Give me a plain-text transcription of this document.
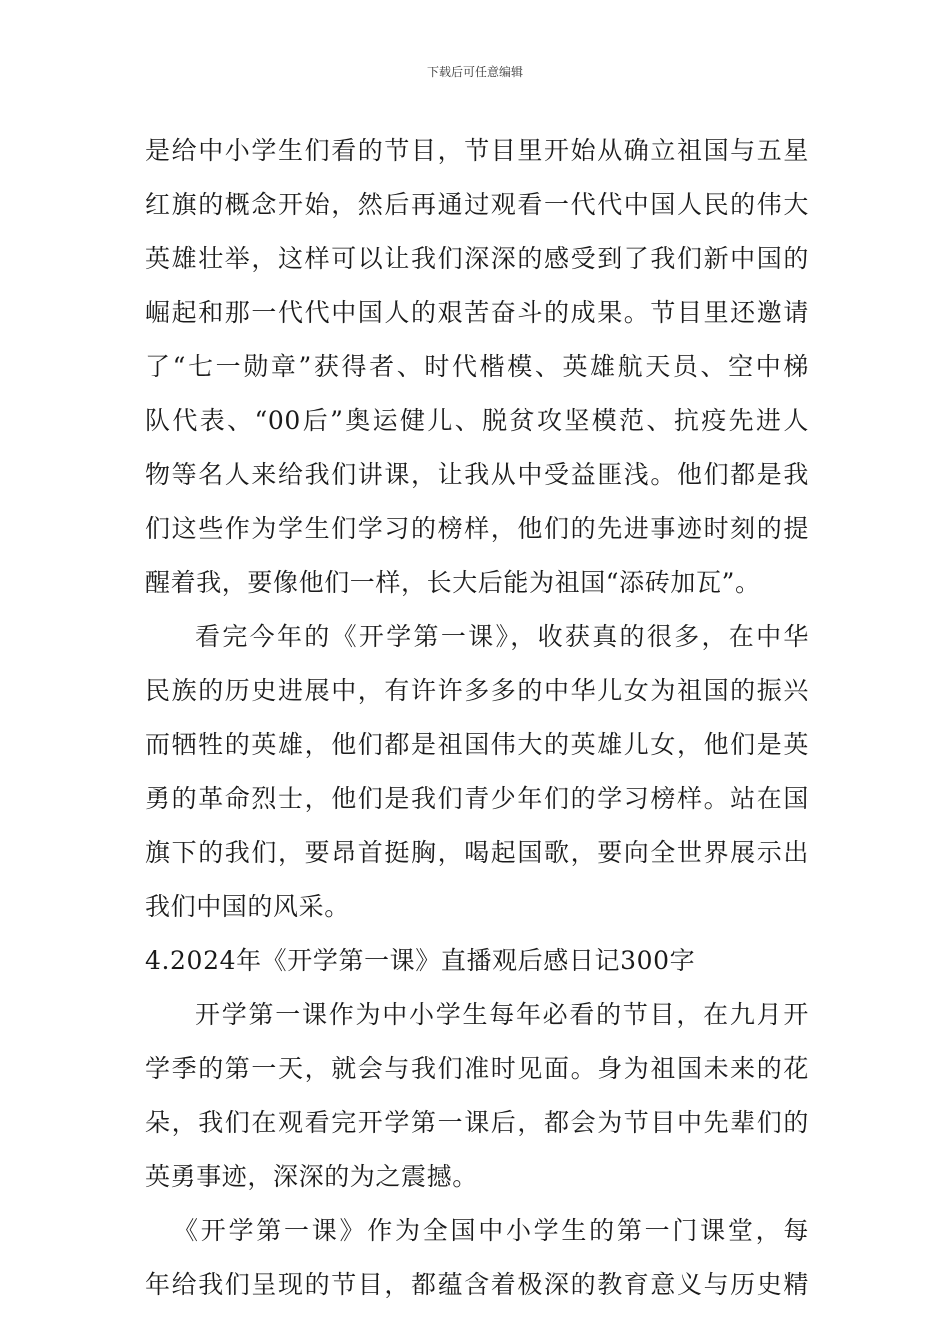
下载后可任意编辑
是给中小学生们看的节目，节目里开始从确立祖国与五星
红旗的概念开始，然后再通过观看一代代中国人民的伟大
英雄壮举，这样可以让我们深深的感受到了我们新中国的
崛起和那一代代中国人的艰苦奋斗的成果。节目里还邀请
了“七一勋章”获得者、时代楷模、英雄航天员、空中梯
队代表、“00后”奥运健儿、脱贫攻坚模范、抗疫先进人
物等名人来给我们讲课，让我从中受益匪浅。他们都是我
们这些作为学生们学习的榜样，他们的先进事迹时刻的提
醒着我，要像他们一样，长大后能为祖国“添砖加瓦”。
看完今年的《开学第一课》，收获真的很多，在中华
民族的历史进展中，有许许多多的中华儿女为祖国的振兴
而牺牲的英雄，他们都是祖国伟大的英雄儿女，他们是英
勇的革命烈士，他们是我们青少年们的学习榜样。站在国
旗下的我们，要昂首挺胸，喝起国歌，要向全世界展示出
我们中国的风采。
4.2024年《开学第一课》直播观后感日记300字
开学第一课作为中小学生每年必看的节目，在九月开
学季的第一天，就会与我们准时见面。身为祖国未来的花
朵，我们在观看完开学第一课后，都会为节目中先辈们的
英勇事迹，深深的为之震撼。
《开学第一课》作为全国中小学生的第一门课堂，每
年给我们呈现的节目，都蕴含着极深的教育意义与历史精
